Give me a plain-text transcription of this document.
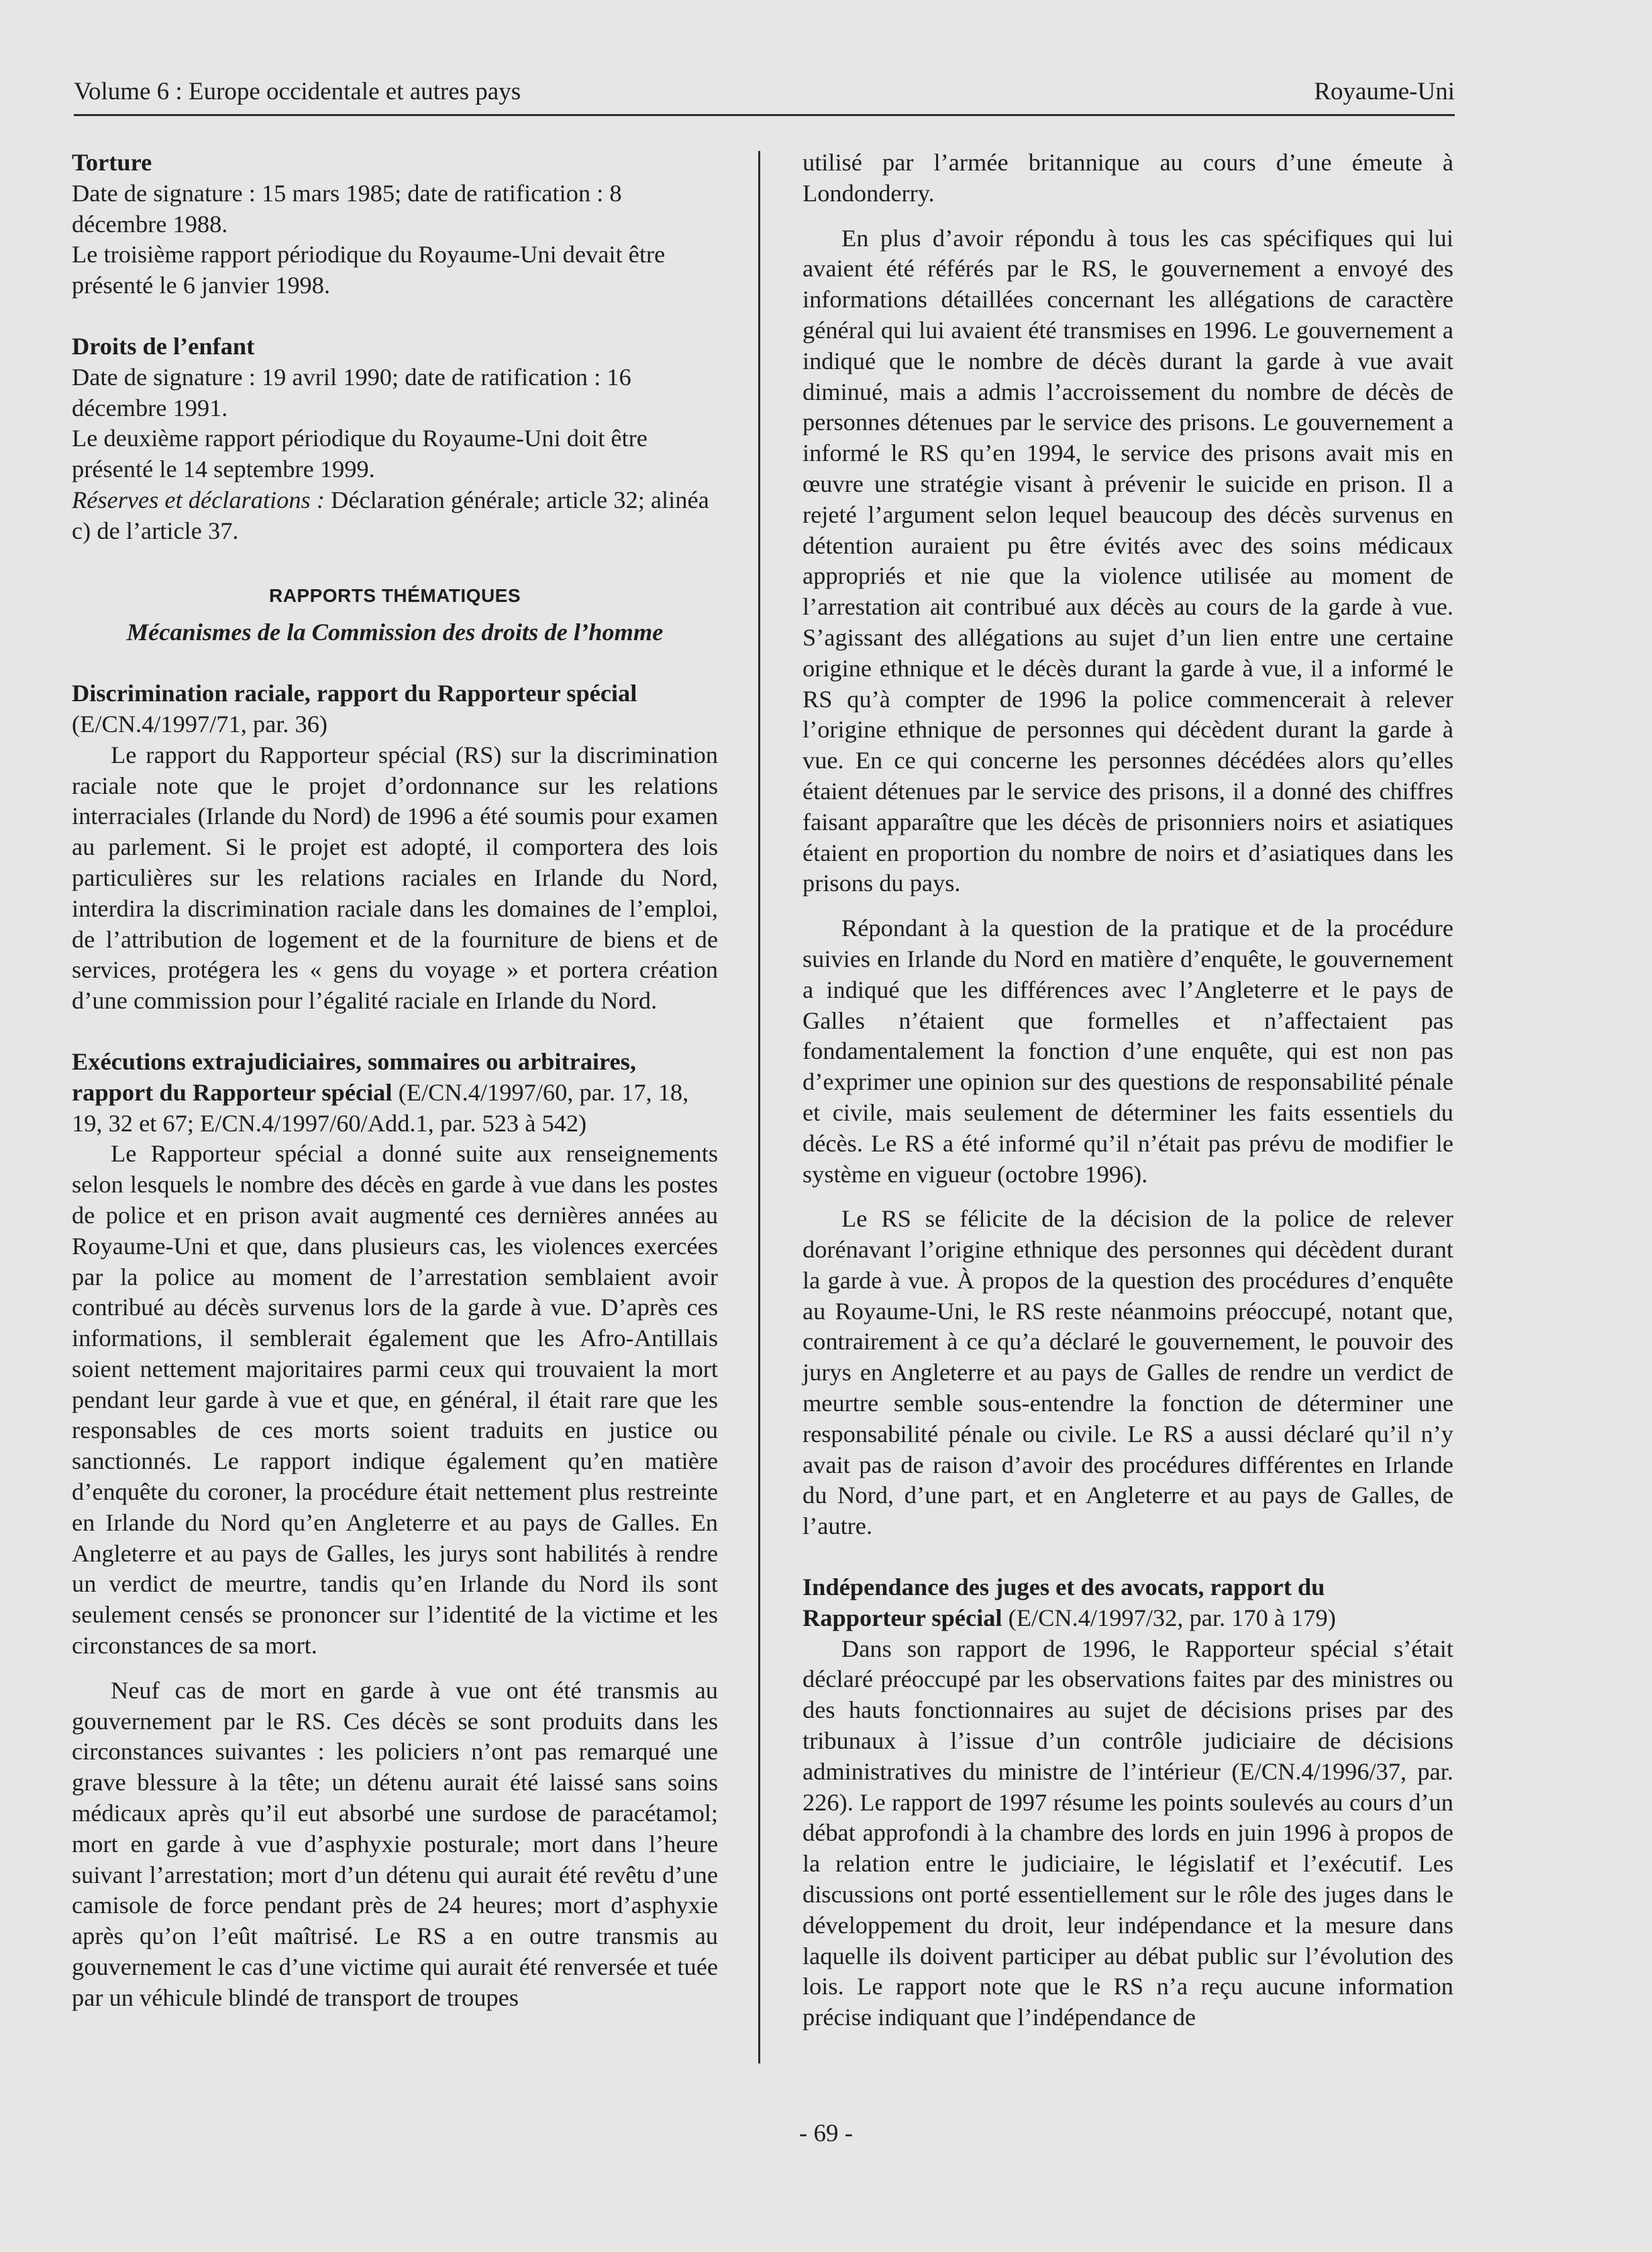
Volume 6 : Europe occidentale et autres pays	Royaume-Uni

Torture

Date de signature : 15 mars 1985; date de ratification : 8 décembre 1988.

Le troisième rapport périodique du Royaume-Uni devait être présenté le 6 janvier 1998.

Droits de l’enfant

Date de signature : 19 avril 1990; date de ratification : 16 décembre 1991.

Le deuxième rapport périodique du Royaume-Uni doit être présenté le 14 septembre 1999.

Réserves et déclarations : Déclaration générale; article 32; alinéa c) de l’article 37.

RAPPORTS THÉMATIQUES

Mécanismes de la Commission des droits de l’homme

Discrimination raciale, rapport du Rapporteur spécial (E/CN.4/1997/71, par. 36)

Le rapport du Rapporteur spécial (RS) sur la discrimination raciale note que le projet d’ordonnance sur les relations interraciales (Irlande du Nord) de 1996 a été soumis pour examen au parlement. Si le projet est adopté, il comportera des lois particulières sur les relations raciales en Irlande du Nord, interdira la discrimination raciale dans les domaines de l’emploi, de l’attribution de logement et de la fourniture de biens et de services, protégera les « gens du voyage » et portera création d’une commission pour l’égalité raciale en Irlande du Nord.

Exécutions extrajudiciaires, sommaires ou arbitraires, rapport du Rapporteur spécial (E/CN.4/1997/60, par. 17, 18, 19, 32 et 67; E/CN.4/1997/60/Add.1, par. 523 à 542)

Le Rapporteur spécial a donné suite aux renseignements selon lesquels le nombre des décès en garde à vue dans les postes de police et en prison avait augmenté ces dernières années au Royaume-Uni et que, dans plusieurs cas, les violences exercées par la police au moment de l’arrestation semblaient avoir contribué au décès survenus lors de la garde à vue. D’après ces informations, il semblerait également que les Afro-Antillais soient nettement majoritaires parmi ceux qui trouvaient la mort pendant leur garde à vue et que, en général, il était rare que les responsables de ces morts soient traduits en justice ou sanctionnés. Le rapport indique également qu’en matière d’enquête du coroner, la procédure était nettement plus restreinte en Irlande du Nord qu’en Angleterre et au pays de Galles. En Angleterre et au pays de Galles, les jurys sont habilités à rendre un verdict de meurtre, tandis qu’en Irlande du Nord ils sont seulement censés se prononcer sur l’identité de la victime et les circonstances de sa mort.

Neuf cas de mort en garde à vue ont été transmis au gouvernement par le RS. Ces décès se sont produits dans les circonstances suivantes : les policiers n’ont pas remarqué une grave blessure à la tête; un détenu aurait été laissé sans soins médicaux après qu’il eut absorbé une surdose de paracétamol; mort en garde à vue d’asphyxie posturale; mort dans l’heure suivant l’arrestation; mort d’un détenu qui aurait été revêtu d’une camisole de force pendant près de 24 heures; mort d’asphyxie après qu’on l’eût maîtrisé. Le RS a en outre transmis au gouvernement le cas d’une victime qui aurait été renversée et tuée par un véhicule blindé de transport de troupes

utilisé par l’armée britannique au cours d’une émeute à Londonderry.

En plus d’avoir répondu à tous les cas spécifiques qui lui avaient été référés par le RS, le gouvernement a envoyé des informations détaillées concernant les allégations de caractère général qui lui avaient été transmises en 1996. Le gouvernement a indiqué que le nombre de décès durant la garde à vue avait diminué, mais a admis l’accroissement du nombre de décès de personnes détenues par le service des prisons. Le gouvernement a informé le RS qu’en 1994, le service des prisons avait mis en œuvre une stratégie visant à prévenir le suicide en prison. Il a rejeté l’argument selon lequel beaucoup des décès survenus en détention auraient pu être évités avec des soins médicaux appropriés et nie que la violence utilisée au moment de l’arrestation ait contribué aux décès au cours de la garde à vue. S’agissant des allégations au sujet d’un lien entre une certaine origine ethnique et le décès durant la garde à vue, il a informé le RS qu’à compter de 1996 la police commencerait à relever l’origine ethnique de personnes qui décèdent durant la garde à vue. En ce qui concerne les personnes décédées alors qu’elles étaient détenues par le service des prisons, il a donné des chiffres faisant apparaître que les décès de prisonniers noirs et asiatiques étaient en proportion du nombre de noirs et d’asiatiques dans les prisons du pays.

Répondant à la question de la pratique et de la procédure suivies en Irlande du Nord en matière d’enquête, le gouvernement a indiqué que les différences avec l’Angleterre et le pays de Galles n’étaient que formelles et n’affectaient pas fondamentalement la fonction d’une enquête, qui est non pas d’exprimer une opinion sur des questions de responsabilité pénale et civile, mais seulement de déterminer les faits essentiels du décès. Le RS a été informé qu’il n’était pas prévu de modifier le système en vigueur (octobre 1996).

Le RS se félicite de la décision de la police de relever dorénavant l’origine ethnique des personnes qui décèdent durant la garde à vue. À propos de la question des procédures d’enquête au Royaume-Uni, le RS reste néanmoins préoccupé, notant que, contrairement à ce qu’a déclaré le gouvernement, le pouvoir des jurys en Angleterre et au pays de Galles de rendre un verdict de meurtre semble sous-entendre la fonction de déterminer une responsabilité pénale ou civile. Le RS a aussi déclaré qu’il n’y avait pas de raison d’avoir des procédures différentes en Irlande du Nord, d’une part, et en Angleterre et au pays de Galles, de l’autre.

Indépendance des juges et des avocats, rapport du Rapporteur spécial (E/CN.4/1997/32, par. 170 à 179)

Dans son rapport de 1996, le Rapporteur spécial s’était déclaré préoccupé par les observations faites par des ministres ou des hauts fonctionnaires au sujet de décisions prises par des tribunaux à l’issue d’un contrôle judiciaire de décisions administratives du ministre de l’intérieur (E/CN.4/1996/37, par. 226). Le rapport de 1997 résume les points soulevés au cours d’un débat approfondi à la chambre des lords en juin 1996 à propos de la relation entre le judiciaire, le législatif et l’exécutif. Les discussions ont porté essentiellement sur le rôle des juges dans le développement du droit, leur indépendance et la mesure dans laquelle ils doivent participer au débat public sur l’évolution des lois. Le rapport note que le RS n’a reçu aucune information précise indiquant que l’indépendance de

- 69 -
